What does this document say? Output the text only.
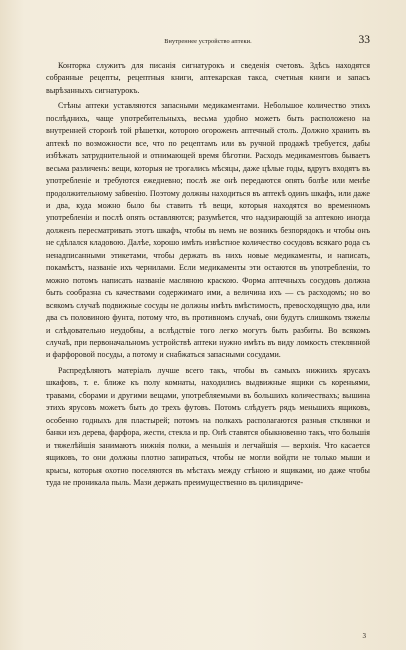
Внутреннее устройство аптеки.	33

Конторка служитъ для писанія сигнатурокъ и сведенія счетовъ. Здѣсь находятся собранные рецепты, рецептныя книги, аптекарская такса, счетныя книги и запасъ вырѣзанныхъ сигнатурокъ.

Стѣны аптеки уставляются запасными медикаментами. Небольшое количество этихъ послѣднихъ, чаще употребительныхъ, весьма удобно можетъ быть расположено на внутренней сторонѣ той рѣшетки, которою огороженъ аптечный столъ. Должно хранить въ аптекѣ по возможности все, что по рецептамъ или въ ручной продажѣ требуется, дабы избѣжать затруднительной и отнимающей время бѣготни. Расходъ медикаментовъ бываетъ весьма различенъ: вещи, которыя не трогались мѣсяцы, даже цѣлые годы, вдругъ входятъ въ употребленіе и требуются ежедневно; послѣ же онѣ передаются опять болѣе или менѣе продолжительному забвенію. Поэтому должны находиться въ аптекѣ одинъ шкафъ, или даже и два, куда можно было бы ставить тѣ вещи, которыя находятся во временномъ употребленіи и послѣ опять оставляются; разумѣется, что надзирающій за аптекою иногда долженъ пересматривать этотъ шкафъ, чтобы въ немъ не возникъ безпорядокъ и чтобы онъ не сдѣлался кладовою. Далѣе, хорошо имѣть извѣстное количество сосудовъ всякаго рода съ ненадписанными этикетами, чтобы держать въ нихъ новые медикаменты, и написать, покамѣстъ, названіе ихъ чернилами. Если медикаменты эти остаются въ употребленіи, то можно потомъ написать названіе масляною краскою. Форма аптечныхъ сосудовъ должна быть сообразна съ качествами содержимаго ими, а величина ихъ — съ расходомъ; но во всякомъ случаѣ подвижные сосуды не должны имѣть вмѣстимость, превосходящую два, или два съ половиною фунта, потому что, въ противномъ случаѣ, они будутъ слишкомъ тяжелы и слѣдовательно неудобны, а вслѣдствіе того легко могутъ быть разбиты. Во всякомъ случаѣ, при первоначальномъ устройствѣ аптеки нужно имѣть въ виду ломкость стеклянной и фарфоровой посуды, а потому и снабжаться запасными сосудами.

Распредѣляютъ матеріалъ лучше всего такъ, чтобы въ самыхъ нижнихъ ярусахъ шкафовъ, т. е. ближе къ полу комнаты, находились выдвижные ящики съ кореньями, травами, сборами и другими вещами, употребляемыми въ большихъ количествахъ; вышина этихъ ярусовъ можетъ быть до трехъ футовъ. Потомъ слѣдуетъ рядъ меньшихъ ящиковъ, особенно годныхъ для пластырей; потомъ на полкахъ располагаются разныя стклянки и банки изъ дерева, фарфора, жести, стекла и пр. Онѣ ставятся обыкновенно такъ, что большія и тяжелѣйшія занимаютъ нижнія полки, а меньшія и легчайшія — верхнія. Что касается ящиковъ, то они должны плотно запираться, чтобы не могли войдти не только мыши и крысы, которыя охотно поселяются въ мѣстахъ между стѣною и ящиками, но даже чтобы туда не проникала пыль. Мази держать преимущественно въ цилиндриче-

3
